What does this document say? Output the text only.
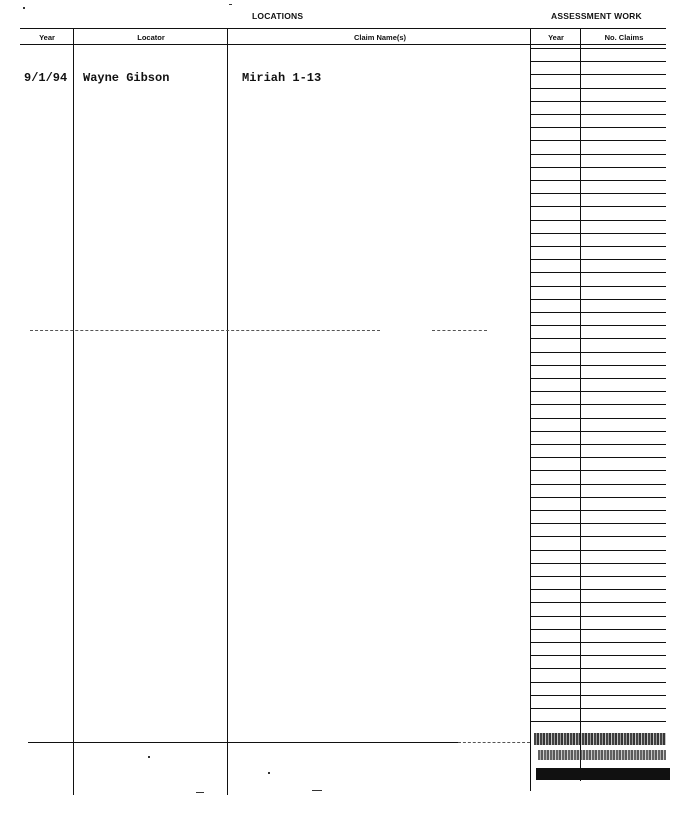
LOCATIONS	ASSESSMENT WORK
Year	Locator	Claim Name(s)	Year	No. Claims
9/1/94 Wayne Gibson	Miriah 1-13
